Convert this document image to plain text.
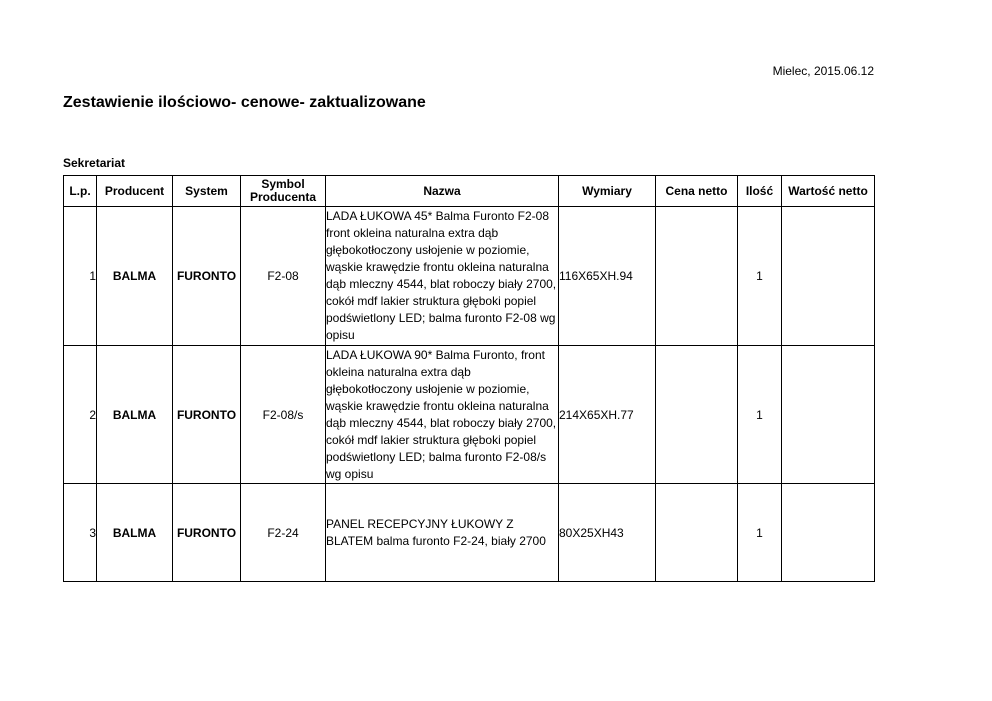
Mielec, 2015.06.12
Zestawienie ilościowo- cenowe- zaktualizowane
Sekretariat
L.p.	Producent	System	Symbol Producenta	Nazwa	Wymiary	Cena netto	Ilość	Wartość netto
1	BALMA	FURONTO	F2-08	LADA ŁUKOWA 45* Balma Furonto F2-08 front okleina naturalna extra dąb głębokotłoczony usłojenie w poziomie, wąskie krawędzie frontu okleina naturalna dąb mleczny 4544, blat roboczy biały 2700, cokół mdf lakier struktura głęboki popiel podświetlony LED; balma furonto F2-08 wg opisu	116X65XH.94		1	
2	BALMA	FURONTO	F2-08/s	LADA ŁUKOWA 90* Balma Furonto, front okleina naturalna extra dąb głębokotłoczony usłojenie w poziomie, wąskie krawędzie frontu okleina naturalna dąb mleczny 4544, blat roboczy biały 2700, cokół mdf lakier struktura głęboki popiel podświetlony LED; balma furonto F2-08/s wg opisu	214X65XH.77		1	
3	BALMA	FURONTO	F2-24	PANEL RECEPCYJNY ŁUKOWY Z BLATEM balma furonto F2-24, biały 2700	80X25XH43		1	
